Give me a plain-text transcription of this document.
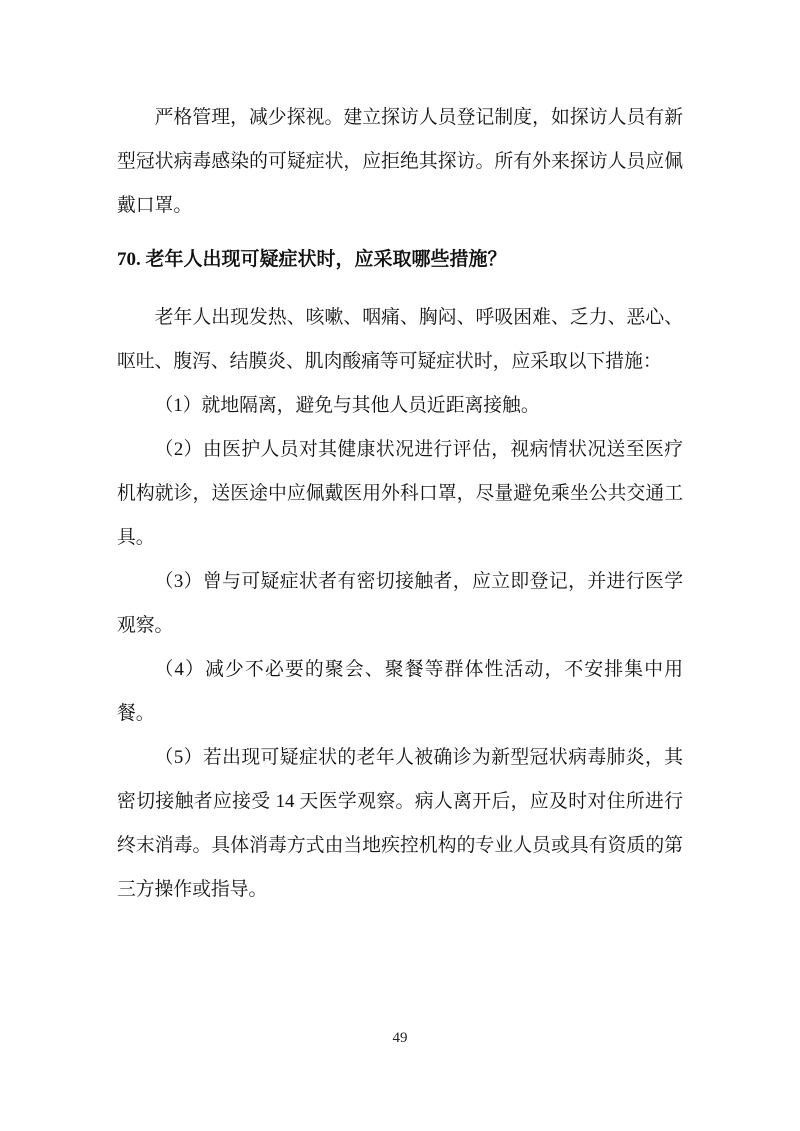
严格管理，减少探视。建立探访人员登记制度，如探访人员有新型冠状病毒感染的可疑症状，应拒绝其探访。所有外来探访人员应佩戴口罩。

70. 老年人出现可疑症状时，应采取哪些措施？

老年人出现发热、咳嗽、咽痛、胸闷、呼吸困难、乏力、恶心、呕吐、腹泻、结膜炎、肌肉酸痛等可疑症状时，应采取以下措施：

（1）就地隔离，避免与其他人员近距离接触。

（2）由医护人员对其健康状况进行评估，视病情状况送至医疗机构就诊，送医途中应佩戴医用外科口罩，尽量避免乘坐公共交通工具。

（3）曾与可疑症状者有密切接触者，应立即登记，并进行医学观察。

（4）减少不必要的聚会、聚餐等群体性活动，不安排集中用餐。

（5）若出现可疑症状的老年人被确诊为新型冠状病毒肺炎，其密切接触者应接受 14 天医学观察。病人离开后，应及时对住所进行终末消毒。具体消毒方式由当地疾控机构的专业人员或具有资质的第三方操作或指导。

49
